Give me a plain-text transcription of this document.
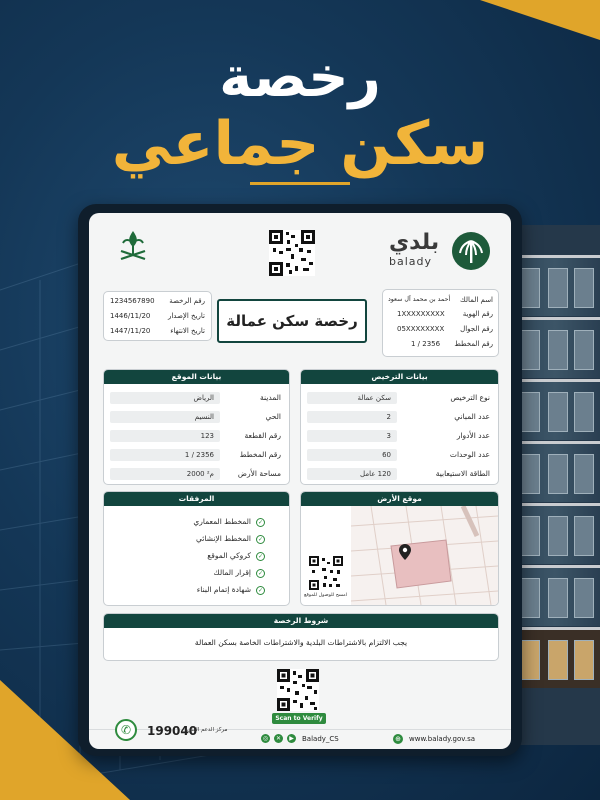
رخصة
سكن جماعي
بلدي
balady
1234567890 رقم الرخصة
1446/11/20	تاريخ الإصدار
1447/11/20	تاريخ الانتهاء
رخصة سكن عمالة
أحمد بن محمد آل سعود اسم المالك
1XXXXXXXXX	رقم الهوية
05XXXXXXXX رقم الجوال
1 / 2356 رقم المخطط
بيانات الموقع
الرياض	المدينة
النسيم	الحي
123	رقم القطعة
1 / 2356	رقم المخطط
2000 م²	مساحة الأرض
بيانات الترخيص
سكن عمالة	نوع الترخيص
2	عدد المباني
3	عدد الأدوار
60	عدد الوحدات
120 عامل	الطاقة الاستيعابية
المرفقات
المخطط المعماري	✓
المخطط الإنشائي	✓
كروكي الموقع	✓
إقرار المالك	✓
شهادة إتمام البناء	✓
موقع الأرض
امسح للوصول للموقع
شروط الرخصة
يجب الالتزام بالاشتراطات البلدية والاشتراطات الخاصة بسكن العمالة
Scan to Verify
✆	199040
مركز الدعم الفني
◎	✕	▶	Balady_CS	⊕ www.balady.gov.sa
